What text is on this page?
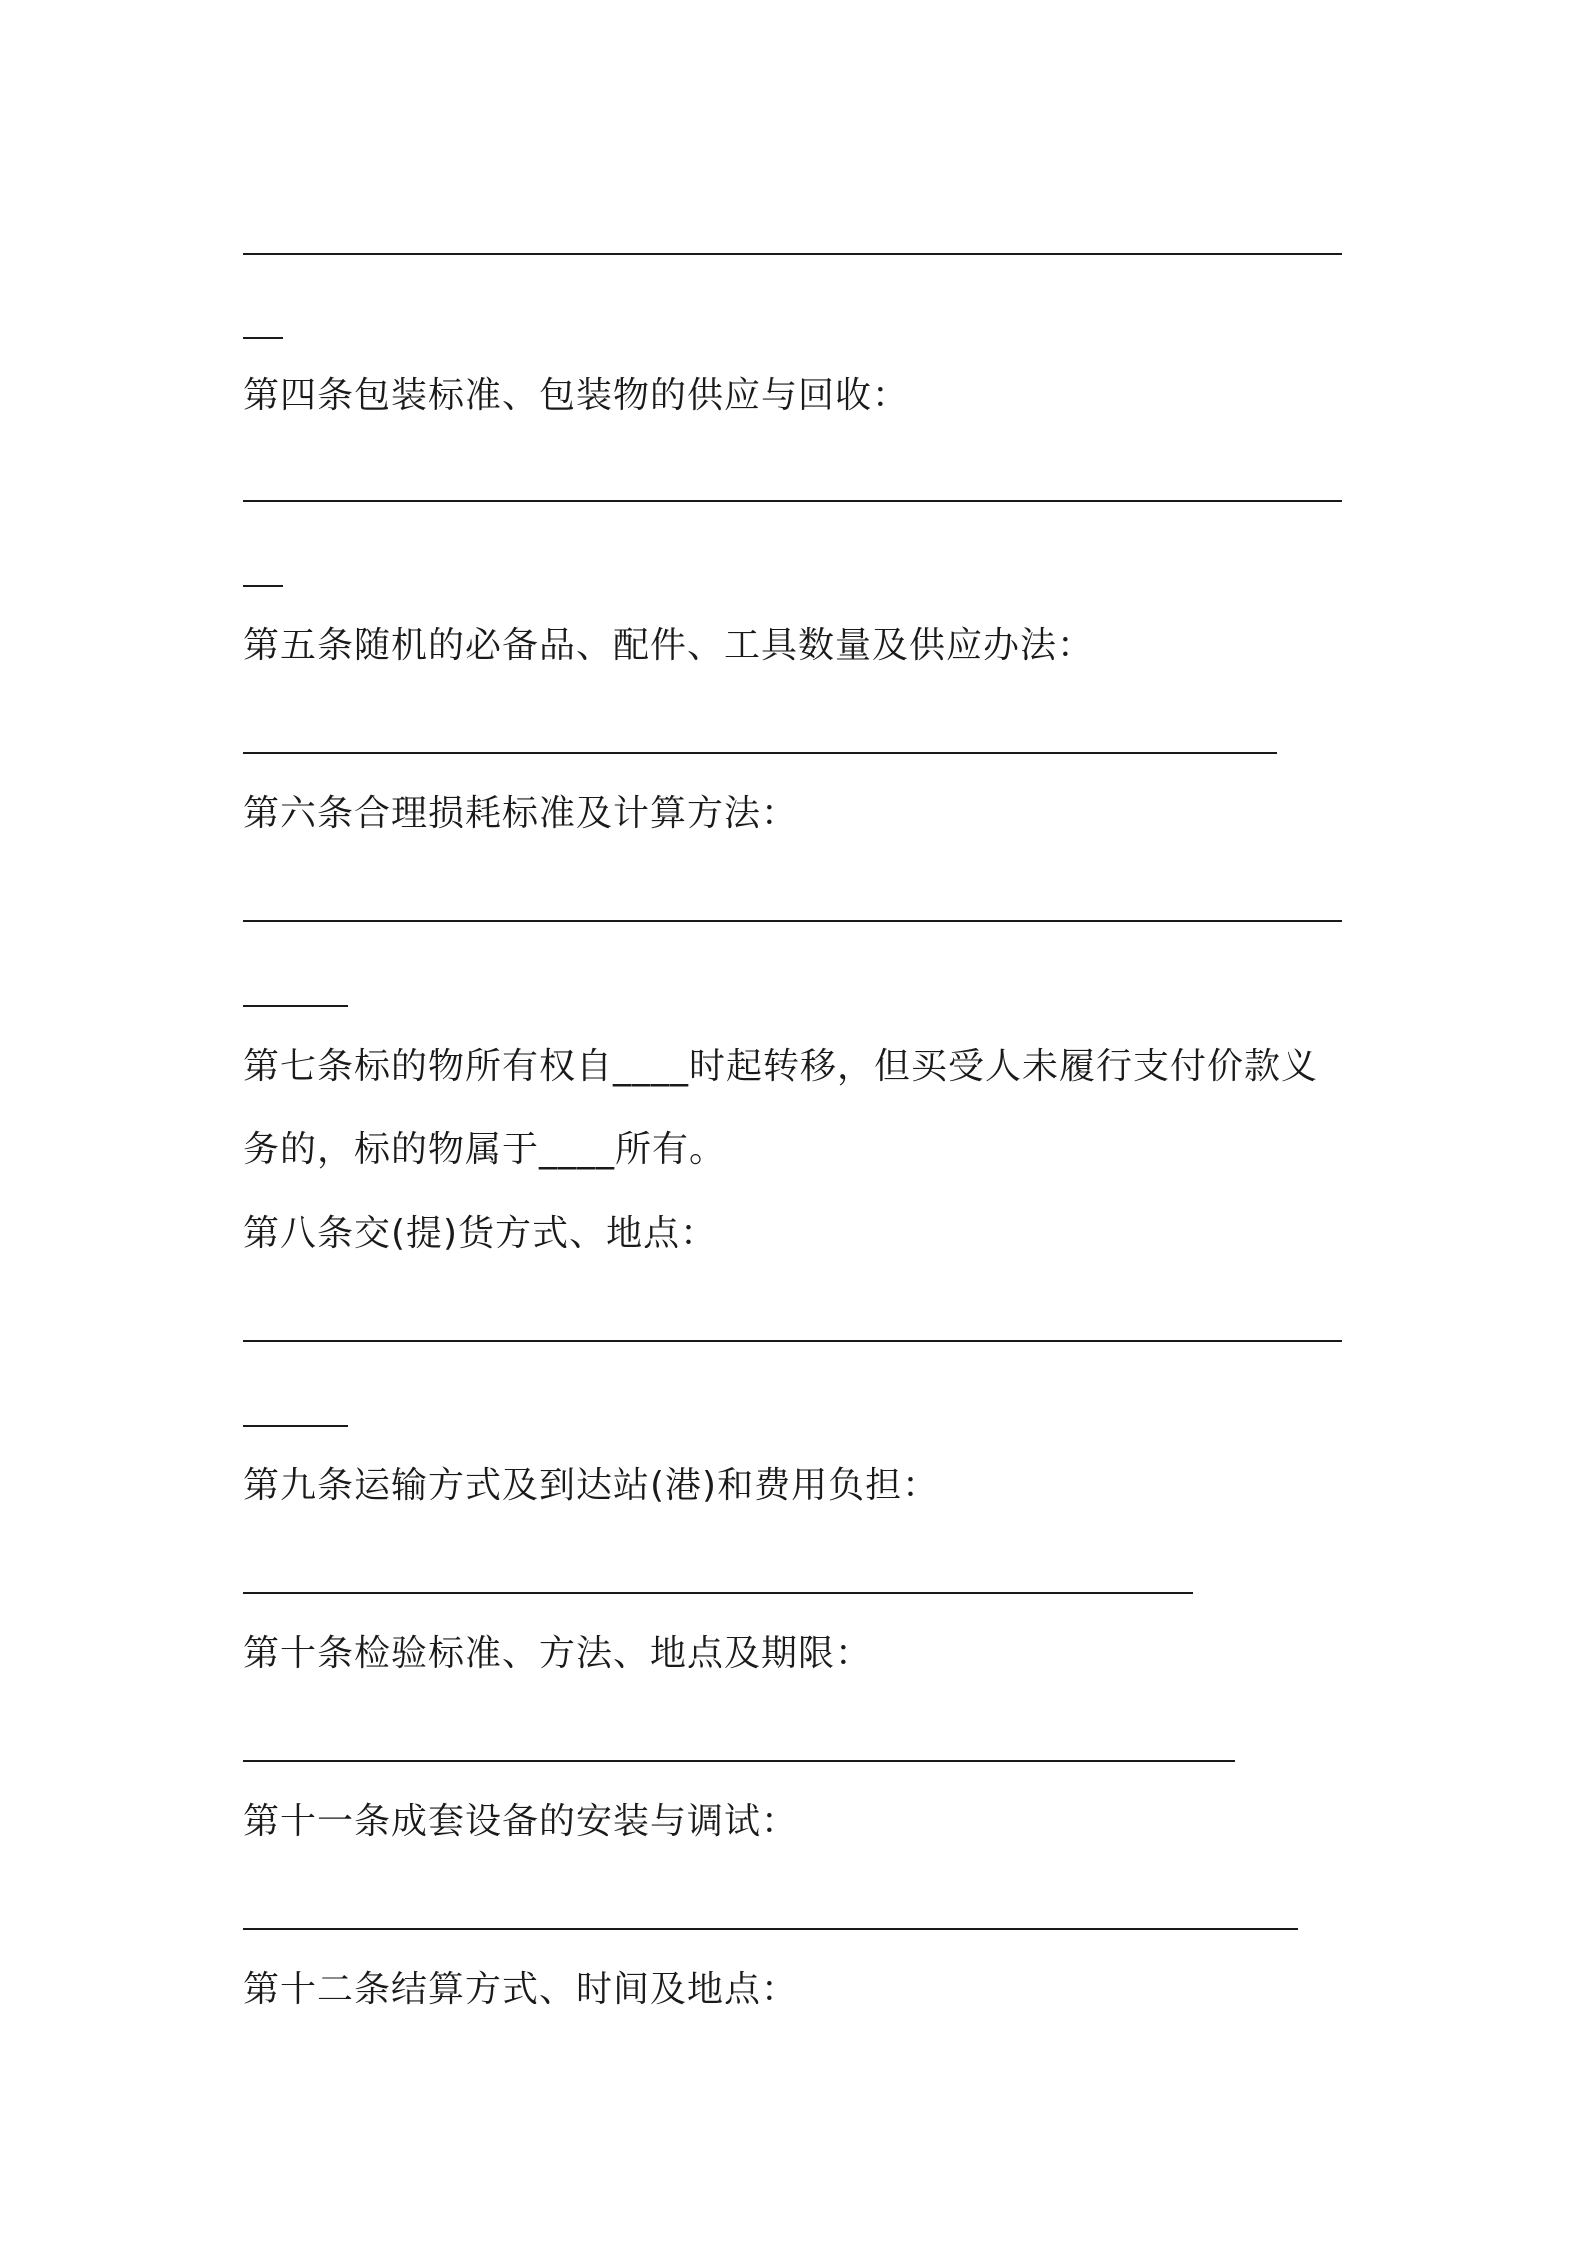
第四条包装标准、包装物的供应与回收：
第五条随机的必备品、配件、工具数量及供应办法：
第六条合理损耗标准及计算方法：
第七条标的物所有权自____时起转移，但买受人未履行支付价款义
务的，标的物属于____所有。
第八条交(提)货方式、地点：
第九条运输方式及到达站(港)和费用负担：
第十条检验标准、方法、地点及期限：
第十一条成套设备的安装与调试：
第十二条结算方式、时间及地点：
